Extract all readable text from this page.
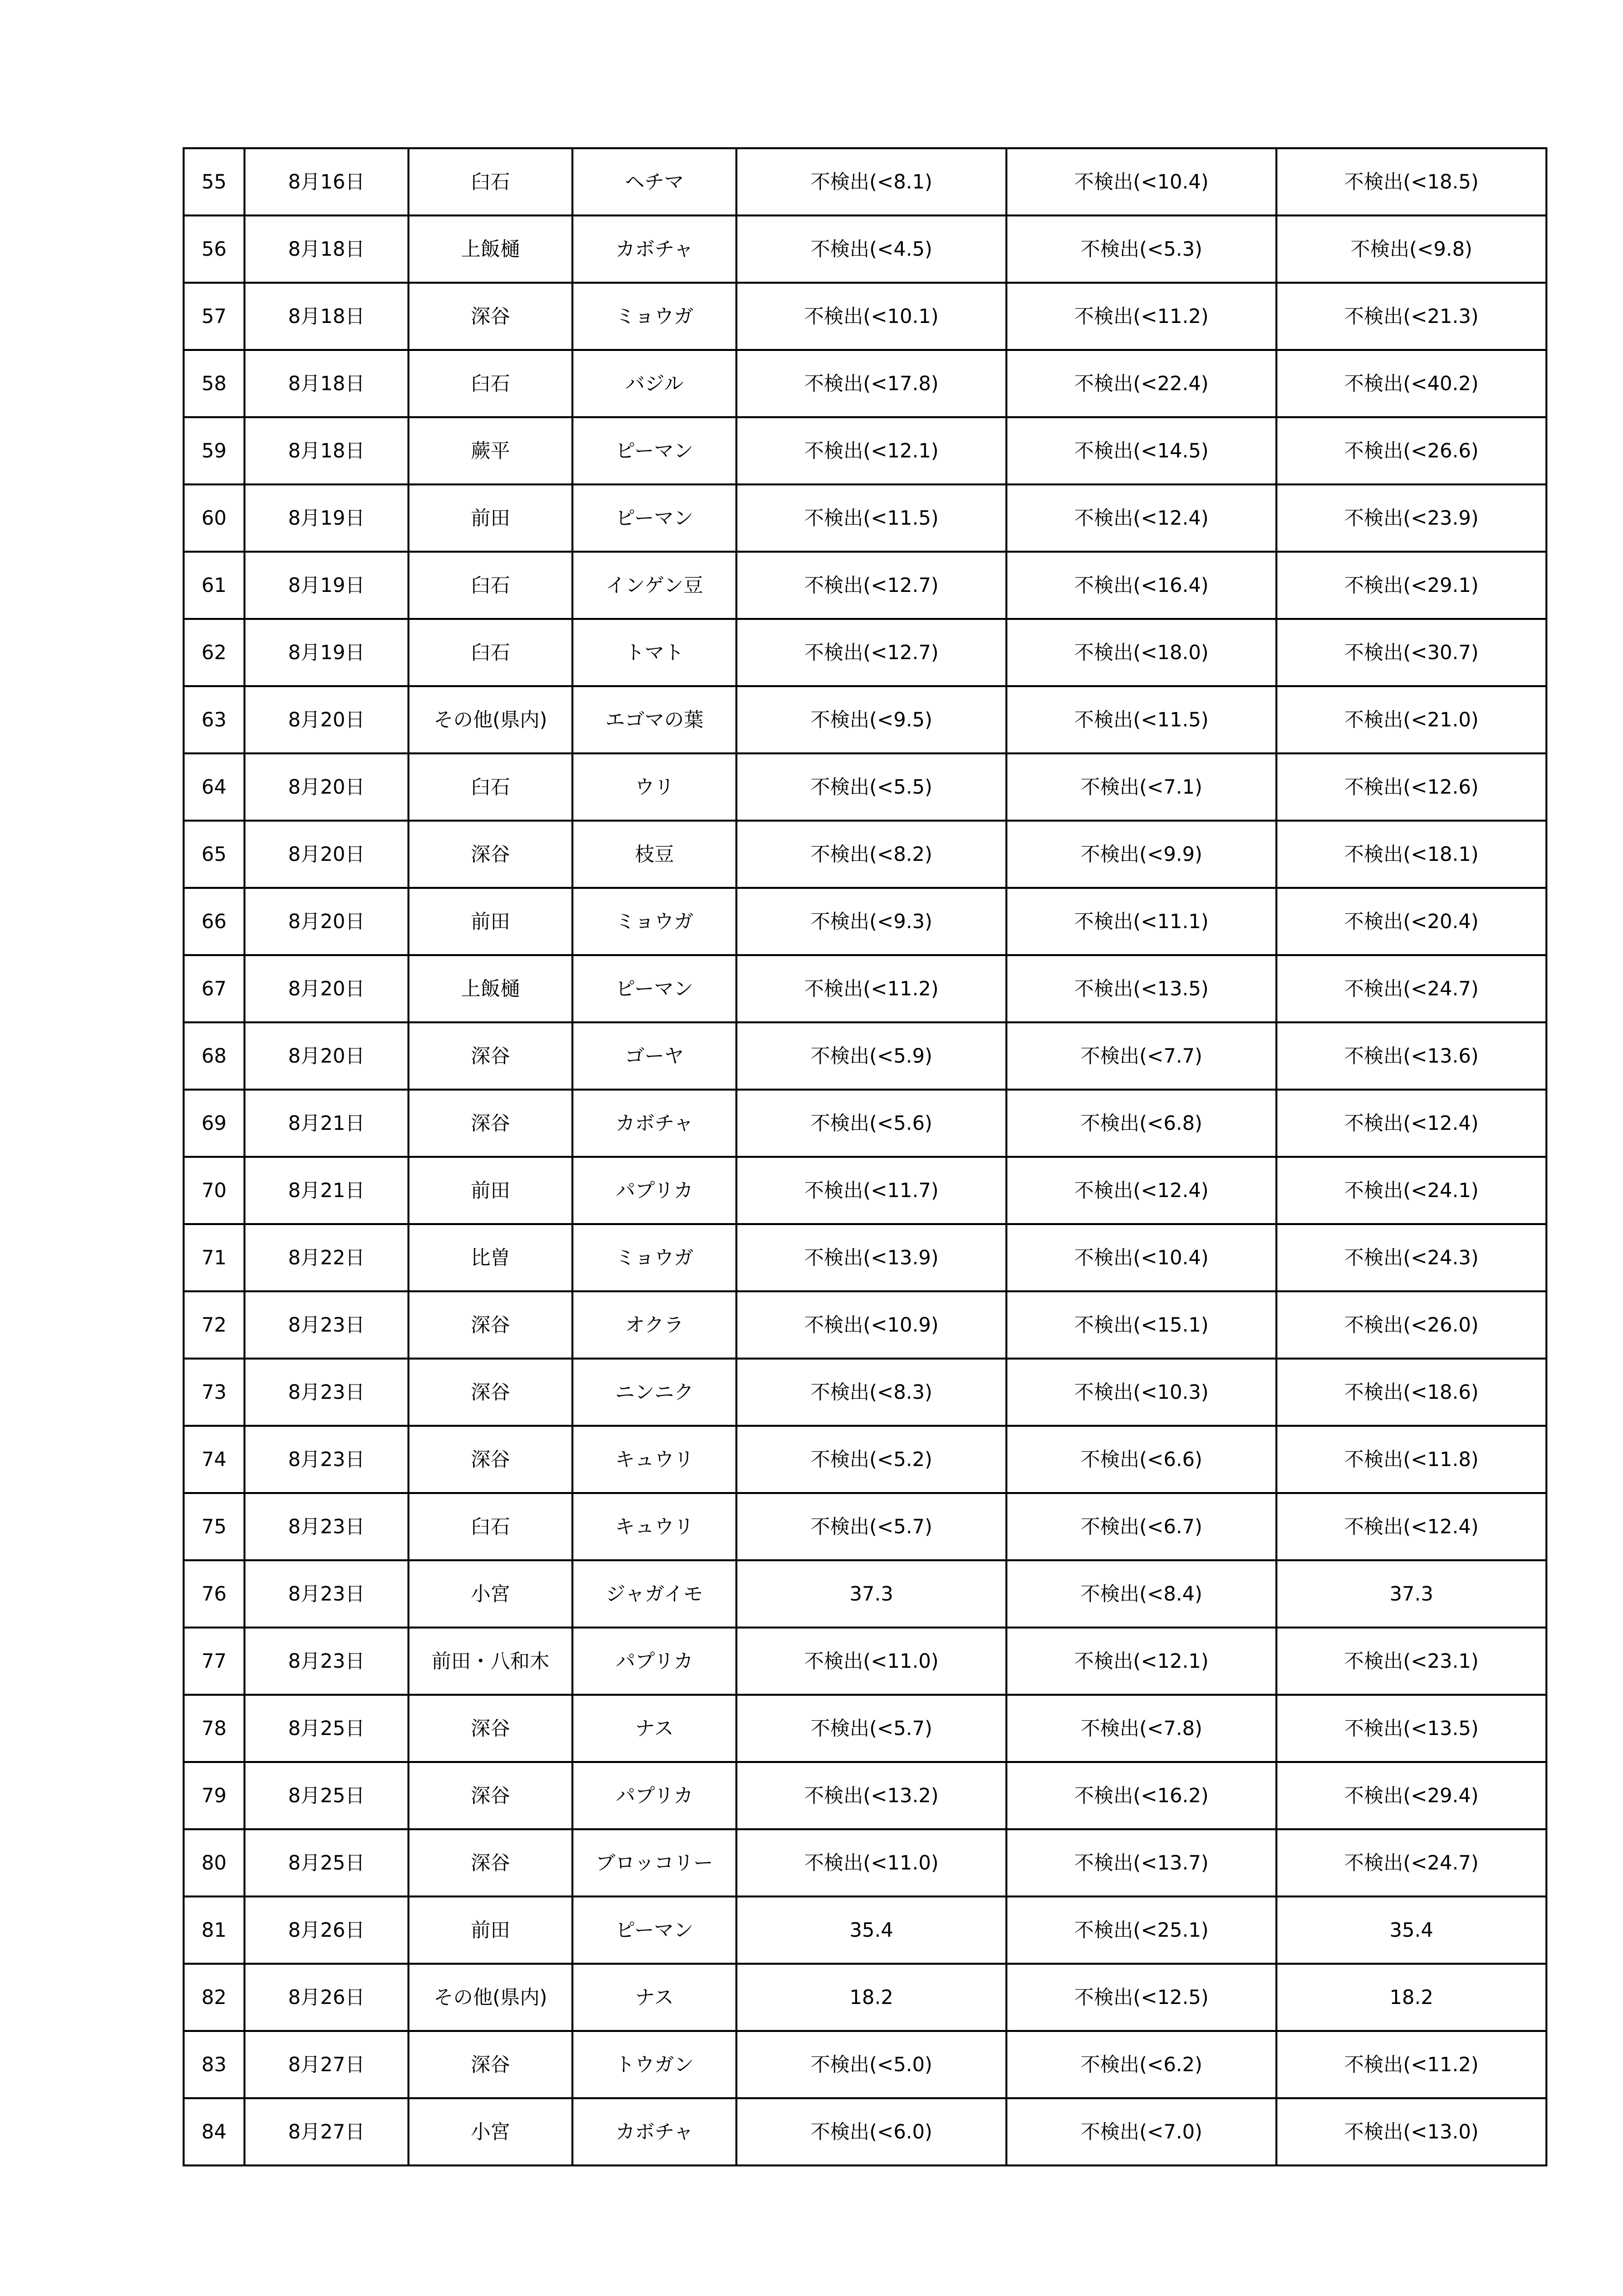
55	8月16日	臼石	ヘチマ	不検出(<8.1)	不検出(<10.4)	不検出(<18.5)
56	8月18日	上飯樋	カボチャ	不検出(<4.5)	不検出(<5.3)	不検出(<9.8)
57	8月18日	深谷	ミョウガ	不検出(<10.1)	不検出(<11.2)	不検出(<21.3)
58	8月18日	臼石	バジル	不検出(<17.8)	不検出(<22.4)	不検出(<40.2)
59	8月18日	蕨平	ピーマン	不検出(<12.1)	不検出(<14.5)	不検出(<26.6)
60	8月19日	前田	ピーマン	不検出(<11.5)	不検出(<12.4)	不検出(<23.9)
61	8月19日	臼石	インゲン豆	不検出(<12.7)	不検出(<16.4)	不検出(<29.1)
62	8月19日	臼石	トマト	不検出(<12.7)	不検出(<18.0)	不検出(<30.7)
63	8月20日	その他(県内)	エゴマの葉	不検出(<9.5)	不検出(<11.5)	不検出(<21.0)
64	8月20日	臼石	ウリ	不検出(<5.5)	不検出(<7.1)	不検出(<12.6)
65	8月20日	深谷	枝豆	不検出(<8.2)	不検出(<9.9)	不検出(<18.1)
66	8月20日	前田	ミョウガ	不検出(<9.3)	不検出(<11.1)	不検出(<20.4)
67	8月20日	上飯樋	ピーマン	不検出(<11.2)	不検出(<13.5)	不検出(<24.7)
68	8月20日	深谷	ゴーヤ	不検出(<5.9)	不検出(<7.7)	不検出(<13.6)
69	8月21日	深谷	カボチャ	不検出(<5.6)	不検出(<6.8)	不検出(<12.4)
70	8月21日	前田	パプリカ	不検出(<11.7)	不検出(<12.4)	不検出(<24.1)
71	8月22日	比曽	ミョウガ	不検出(<13.9)	不検出(<10.4)	不検出(<24.3)
72	8月23日	深谷	オクラ	不検出(<10.9)	不検出(<15.1)	不検出(<26.0)
73	8月23日	深谷	ニンニク	不検出(<8.3)	不検出(<10.3)	不検出(<18.6)
74	8月23日	深谷	キュウリ	不検出(<5.2)	不検出(<6.6)	不検出(<11.8)
75	8月23日	臼石	キュウリ	不検出(<5.7)	不検出(<6.7)	不検出(<12.4)
76	8月23日	小宮	ジャガイモ	37.3	不検出(<8.4)	37.3
77	8月23日	前田・八和木	パプリカ	不検出(<11.0)	不検出(<12.1)	不検出(<23.1)
78	8月25日	深谷	ナス	不検出(<5.7)	不検出(<7.8)	不検出(<13.5)
79	8月25日	深谷	パプリカ	不検出(<13.2)	不検出(<16.2)	不検出(<29.4)
80	8月25日	深谷	ブロッコリー	不検出(<11.0)	不検出(<13.7)	不検出(<24.7)
81	8月26日	前田	ピーマン	35.4	不検出(<25.1)	35.4
82	8月26日	その他(県内)	ナス	18.2	不検出(<12.5)	18.2
83	8月27日	深谷	トウガン	不検出(<5.0)	不検出(<6.2)	不検出(<11.2)
84	8月27日	小宮	カボチャ	不検出(<6.0)	不検出(<7.0)	不検出(<13.0)
